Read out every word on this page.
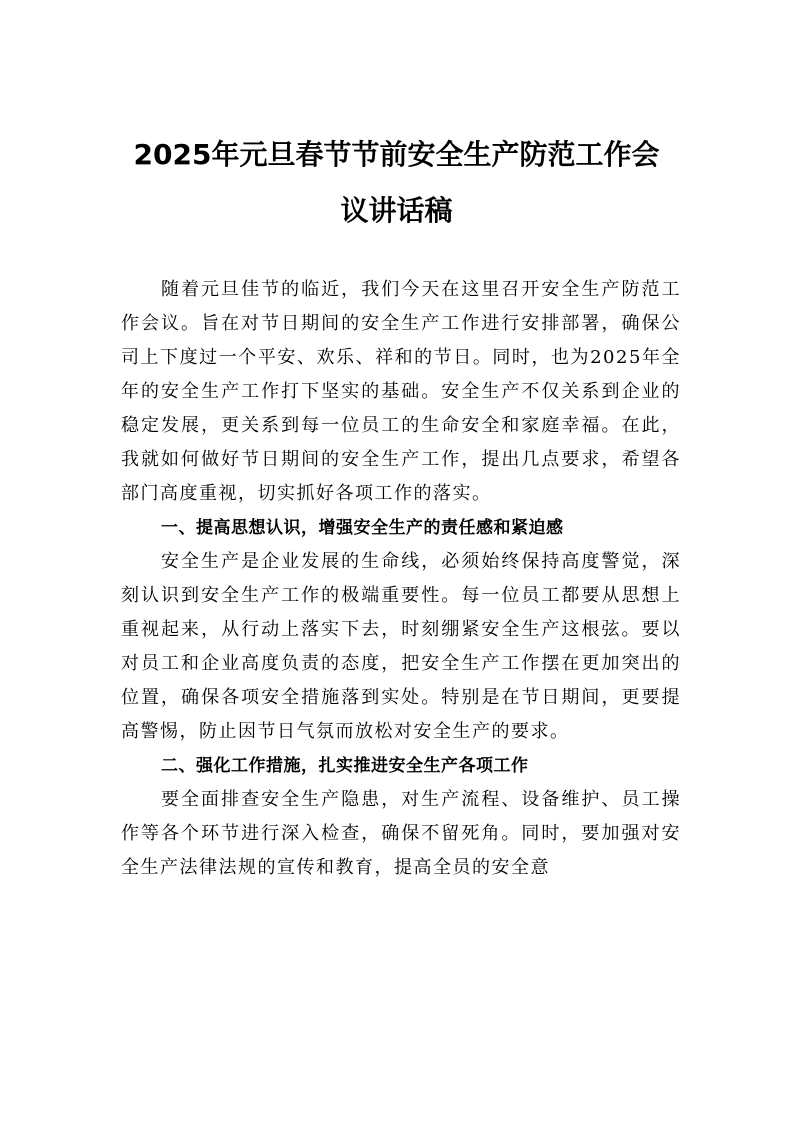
2025年元旦春节节前安全生产防范工作会
议讲话稿

随着元旦佳节的临近，我们今天在这里召开安全生产防范工作会议。旨在对节日期间的安全生产工作进行安排部署，确保公司上下度过一个平安、欢乐、祥和的节日。同时，也为2025年全年的安全生产工作打下坚实的基础。安全生产不仅关系到企业的稳定发展，更关系到每一位员工的生命安全和家庭幸福。在此，我就如何做好节日期间的安全生产工作，提出几点要求，希望各部门高度重视，切实抓好各项工作的落实。

一、提高思想认识，增强安全生产的责任感和紧迫感

安全生产是企业发展的生命线，必须始终保持高度警觉，深刻认识到安全生产工作的极端重要性。每一位员工都要从思想上重视起来，从行动上落实下去，时刻绷紧安全生产这根弦。要以对员工和企业高度负责的态度，把安全生产工作摆在更加突出的位置，确保各项安全措施落到实处。特别是在节日期间，更要提高警惕，防止因节日气氛而放松对安全生产的要求。

二、强化工作措施，扎实推进安全生产各项工作

要全面排查安全生产隐患，对生产流程、设备维护、员工操作等各个环节进行深入检查，确保不留死角。同时，要加强对安全生产法律法规的宣传和教育，提高全员的安全意
